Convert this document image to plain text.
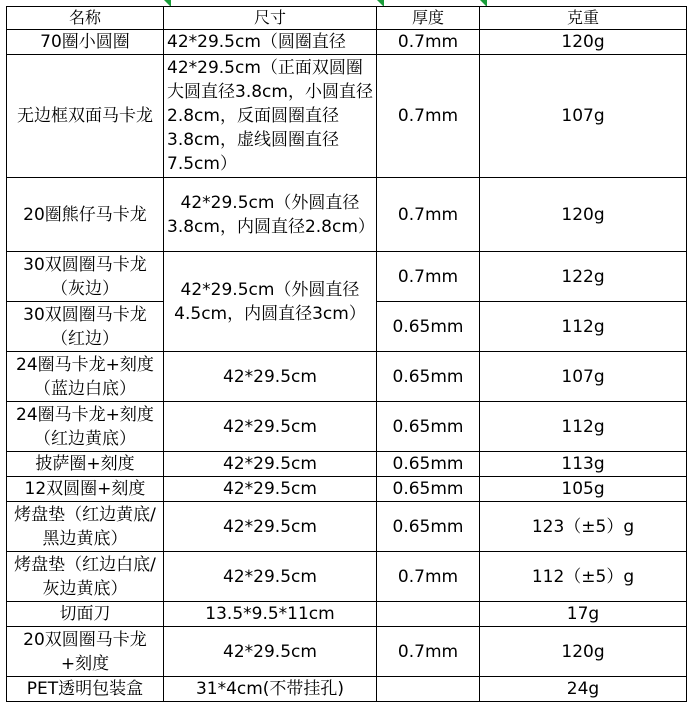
名称	尺寸	厚度	克重
70圈小圆圈	42*29.5cm（圆圈直径	0.7mm	120g
无边框双面马卡龙	42*29.5cm（正面双圆圈大圆直径3.8cm，小圆直径2.8cm，反面圆圈直径3.8cm，虚线圆圈直径7.5cm）	0.7mm	107g
20圈熊仔马卡龙	42*29.5cm（外圆直径3.8cm，内圆直径2.8cm）	0.7mm	120g
30双圆圈马卡龙（灰边）	42*29.5cm（外圆直径4.5cm，内圆直径3cm）	0.7mm	122g
30双圆圈马卡龙（红边）		0.65mm	112g
24圈马卡龙+刻度（蓝边白底）	42*29.5cm	0.65mm	107g
24圈马卡龙+刻度（红边黄底）	42*29.5cm	0.65mm	112g
披萨圈+刻度	42*29.5cm	0.65mm	113g
12双圆圈+刻度	42*29.5cm	0.65mm	105g
烤盘垫（红边黄底/黑边黄底）	42*29.5cm	0.65mm	123（±5）g
烤盘垫（红边白底/灰边黄底）	42*29.5cm	0.7mm	112（±5）g
切面刀	13.5*9.5*11cm		17g
20双圆圈马卡龙+刻度	42*29.5cm	0.7mm	120g
PET透明包装盒	31*4cm(不带挂孔)		24g
